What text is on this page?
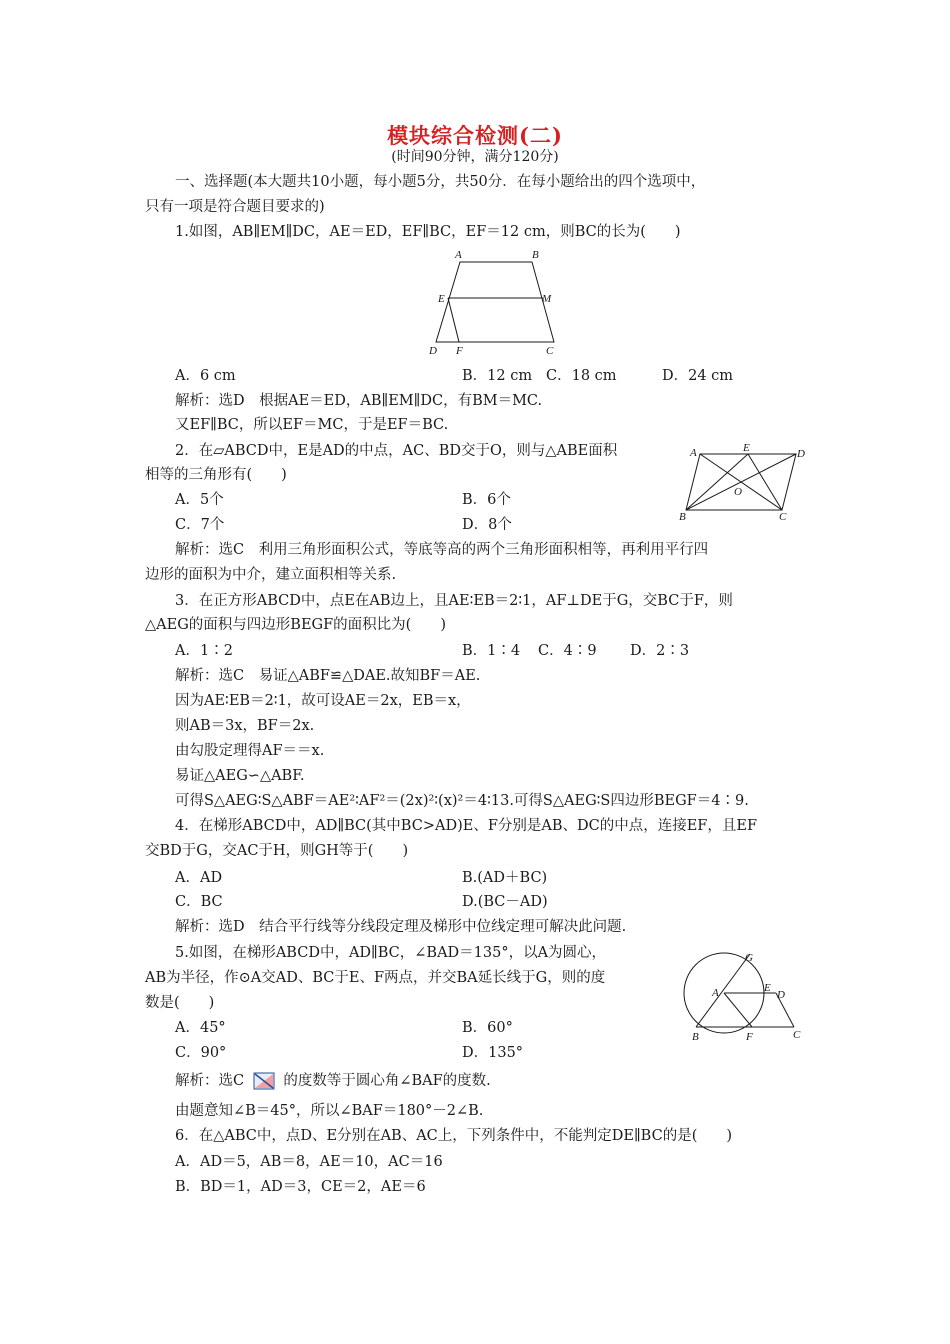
模块综合检测(二)
(时间90分钟，满分120分)
一、选择题(本大题共10小题，每小题5分，共50分．在每小题给出的四个选项中，
只有一项是符合题目要求的)
1.如图，AB∥EM∥DC，AE＝ED，EF∥BC，EF＝12 cm，则BC的长为(　　)
A	B
E	M
D F	C
A．6 cm	B．12 cm C．18 cm	D．24 cm
解析：选D　根据AE＝ED，AB∥EM∥DC，有BM＝MC.
又EF∥BC，所以EF＝MC，于是EF＝BC.
2．在▱ABCD中，E是AD的中点，AC、BD交于O，则与△ABE面积
相等的三角形有(　　)
A	E	D
O
B	C
A．5个	B．6个
C．7个	D．8个
解析：选C　利用三角形面积公式，等底等高的两个三角形面积相等，再利用平行四
边形的面积为中介，建立面积相等关系.
3．在正方形ABCD中，点E在AB边上，且AE∶EB＝2∶1，AF⊥DE于G，交BC于F，则
△AEG的面积与四边形BEGF的面积比为(　　)
A．1∶2	B．1∶4 C．4∶9 D．2∶3
解析：选C　易证△ABF≌△DAE.故知BF＝AE.
因为AE∶EB＝2∶1，故可设AE＝2x，EB＝x，
则AB＝3x，BF＝2x.
由勾股定理得AF＝＝x.
易证△AEG∽△ABF.
可得S△AEG∶S△ABF＝AE²∶AF²＝(2x)²∶(x)²＝4∶13.可得S△AEG∶S四边形BEGF＝4∶9.
4．在梯形ABCD中，AD∥BC(其中BC>AD)E、F分别是AB、DC的中点，连接EF，且EF
交BD于G，交AC于H，则GH等于(　　)
A．AD	B.(AD＋BC)
C．BC	D.(BC－AD)
解析：选D　结合平行线等分线段定理及梯形中位线定理可解决此问题.
5.如图，在梯形ABCD中，AD∥BC，∠BAD＝135°，以A为圆心，
AB为半径，作⊙A交AD、BC于E、F两点，并交BA延长线于G，则的度
数是(　　)
G
A	E
D
B	F	C
A．45°	B．60°
C．90°	D．135°
解析：选C	的度数等于圆心角∠BAF的度数.
由题意知∠B＝45°，所以∠BAF＝180°－2∠B.
6．在△ABC中，点D、E分别在AB、AC上，下列条件中，不能判定DE∥BC的是(　　)
A．AD＝5，AB＝8，AE＝10，AC＝16
B．BD＝1，AD＝3，CE＝2，AE＝6
